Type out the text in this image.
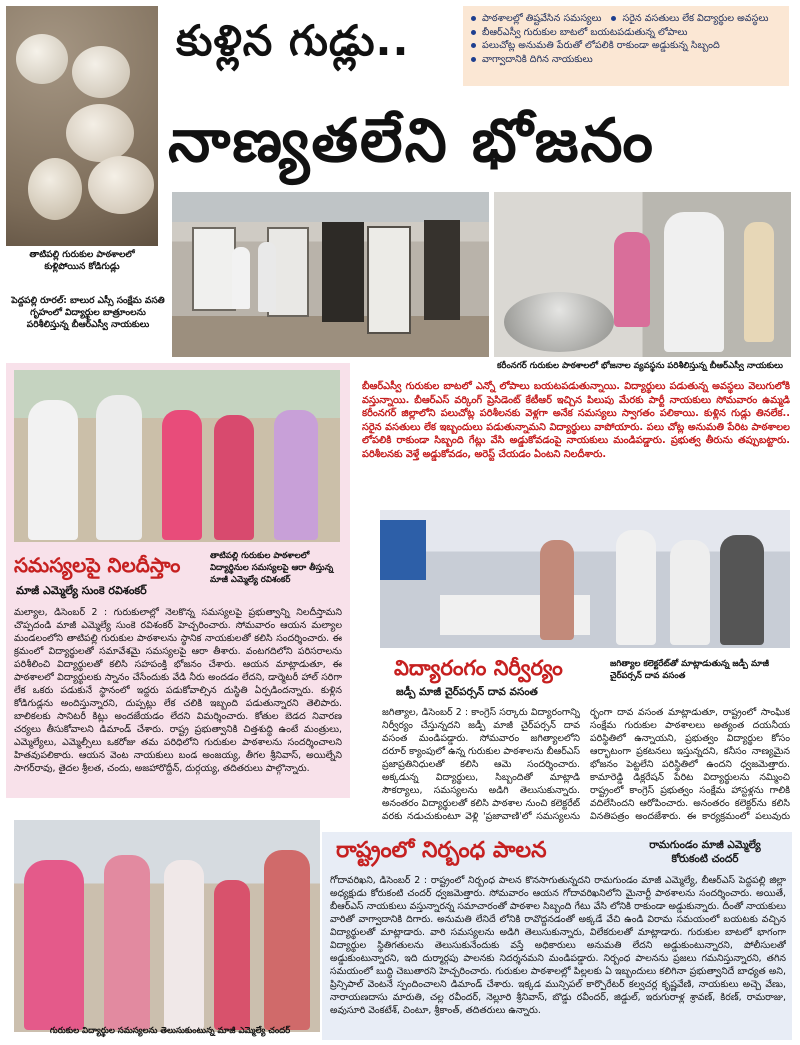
తాటిపల్లి గురుకుల పాఠశాలలో కుళ్లిపోయిన కోడిగుడ్లు
కుళ్లిన గుడ్లు..
నాణ్యతలేని భోజనం
పాఠశాలల్లో తిష్టవేసిన సమస్యలు సరైన వసతులు లేక విద్యార్థుల అవస్థలు
బీఆర్ఎస్వీ గురుకుల బాటలో బయటపడుతున్న లోపాలు
పలుచోట్ల అనుమతి పేరుతో లోపలికి రాకుండా అడ్డుకున్న సిబ్బంది
వాగ్వాదానికి దిగిన నాయకులు
పెద్దపల్లి రూరల్: బాలుర ఎస్సీ సంక్షేమ వసతి గృహంలో విద్యార్థుల బాత్రూంలను పరిశీలిస్తున్న బీఆర్ఎస్వీ నాయకులు
కరీంనగర్ గురుకుల పాఠశాలలో భోజనాల వ్యవస్థను పరిశీలిస్తున్న బీఆర్ఎస్వీ నాయకులు
సమస్యలపై నిలదీస్తాం
మాజీ ఎమ్మెల్యే సుంకె రవిశంకర్
తాటిపల్లి గురుకుల పాఠశాలలో విద్యార్థినుల సమస్యలపై ఆరా తీస్తున్న మాజీ ఎమ్మెల్యే రవిశంకర్
మల్యాల, డిసెంబర్ 2 : గురుకులాల్లో నెలకొన్న సమస్యలపై ప్రభుత్వాన్ని నిలదీస్తామని చొప్పదండి మాజీ ఎమ్మెల్యే సుంకె రవిశంకర్ హెచ్చరించారు. సోమవారం ఆయన మల్యాల మండలంలోని తాటిపల్లి గురుకుల పాఠశాలను స్థానిక నాయకులతో కలిసి సందర్శించారు. ఈ క్రమంలో విద్యార్థులతో సమావేశమై సమస్యలపై ఆరా తీశారు. వంటగదిలోని పరిసరాలను పరిశీలించి విద్యార్థులతో కలిసి సహపంక్తి భోజనం చేశారు. ఆయన మాట్లాడుతూ, ఈ పాఠశాలలో విద్యార్థులకు స్నానం చేసేందుకు వేడి నీరు అందడం లేదని, డార్మెటరీ హాల్ సరిగా లేక ఒకరు పడుకునే స్థానంలో ఇద్దరు పడుకోవాల్సిన దుస్థితి ఏర్పడిందన్నారు. కుళ్లిన కోడిగుడ్లను అందిస్తున్నారని, దుప్పట్లు లేక చలికి ఇబ్బంది పడుతున్నారని తెలిపారు. బాలికలకు సానిటరీ కిట్లు అందజేయడం లేదని విమర్శించారు. కోతుల బెడద నివారణ చర్యలు తీసుకోవాలని డిమాండ్ చేశారు. రాష్ట్ర ప్రభుత్వానికి చిత్తశుద్ధి ఉంటే మంత్రులు, ఎమ్మెల్యేలు, ఎమ్మెల్సీలు ఒకరోజు తమ పరిధిలోని గురుకుల పాఠశాలను సందర్శించాలని హితవుపలికారు. ఆయన వెంట నాయకులు బండ అంజయ్య, తీగల శ్రీనివాస్, అయిల్నేని సాగర్‌రావు, తైదల శ్రీలత, చందు, అజహారొద్దీన్, దుర్గయ్య, తదితరులు పాల్గొన్నారు.
బీఆర్ఎస్వీ గురుకుల బాటలో ఎన్నో లోపాలు బయటపడుతున్నాయి. విద్యార్థులు పడుతున్న అవస్థలు వెలుగులోకి వస్తున్నాయి. బీఆర్ఎస్ వర్కింగ్ ప్రెసిడెంట్ కేటీఆర్ ఇచ్చిన పిలుపు మేరకు పార్టీ నాయకులు సోమవారం ఉమ్మడి కరీంనగర్ జిల్లాలోని పలుచోట్ల పరిశీలనకు వెళ్లగా అనేక సమస్యలు స్వాగతం పలికాయి. కుళ్లిన గుడ్లు తినలేక.. సరైన వసతులు లేక ఇబ్బందులు పడుతున్నామని విద్యార్థులు వాపోయారు. పలు చోట్ల అనుమతి పేరిట పాఠశాలల లోపలికి రాకుండా సిబ్బంది గేట్లు వేసి అడ్డుకోవడంపై నాయకులు మండిపడ్డారు. ప్రభుత్వ తీరును తప్పుబట్టారు. పరిశీలనకు వెళ్తే అడ్డుకోవడం, అరెస్ట్ చేయడం ఏంటని నిలదీశారు.
విద్యారంగం నిర్వీర్యం
జడ్పీ మాజీ చైర్‌పర్సన్ దావ వసంత
జగిత్యాల కలెక్టరేట్‌తో మాట్లాడుతున్న జడ్పీ మాజీ చైర్‌పర్సన్ దావ వసంత
జగిత్యాల, డిసెంబర్ 2 : కాంగ్రెస్ సర్కారు విద్యారంగాన్ని నిర్వీర్యం చేస్తున్నదని జడ్పీ మాజీ చైర్‌పర్సన్ దావ వసంత మండిపడ్డారు. సోమవారం జగిత్యాలలోని దరూర్ క్యాంపులో ఉన్న గురుకుల పాఠశాలను బీఆర్ఎస్ ప్రజాప్రతినిధులతో కలిసి ఆమె సందర్శించారు. అక్కడున్న విద్యార్థులు, సిబ్బందితో మాట్లాడి సౌకర్యాలు, సమస్యలను అడిగి తెలుసుకున్నారు. అనంతరం విద్యార్థులతో కలిసి పాఠశాల నుంచి కలెక్టరేట్ వరకు నడుచుకుంటూ వెళ్లి 'ప్రజావాణి'లో సమస్యలను
ర్భంగా దావ వసంత మాట్లాడుతూ, రాష్ట్రంలో సాంఘిక సంక్షేమ గురుకుల పాఠశాలలు అత్యంత దయనీయ పరిస్థితిలో ఉన్నాయని, ప్రభుత్వం విద్యార్థుల కోసం ఆర్భాటంగా ప్రకటనలు ఇస్తున్నదని, కనీసం నాణ్యమైన భోజనం పెట్టలేని పరిస్థితిలో ఉందని ధ్వజమెత్తారు. కామారెడ్డి డిక్లరేషన్ పేరిట విద్యార్థులను నమ్మించి రాష్ట్రంలో కాంగ్రెస్ ప్రభుత్వం సంక్షేమ హాస్టళ్లను గాలికి వదిలేసిందని ఆరోపించారు. అనంతరం కలెక్టర్‌ను కలిసి వినతిపత్రం అందజేశారు. ఈ కార్యక్రమంలో పలువురు
గురుకుల విద్యార్థుల సమస్యలను తెలుసుకుంటున్న మాజీ ఎమ్మెల్యే చందర్
రాష్ట్రంలో నిర్బంధ పాలన	రామగుండం మాజీ ఎమ్మెల్యే కోరుకంటి చందర్
గోదావరిఖని, డిసెంబర్ 2 : రాష్ట్రంలో నిర్బంధ పాలన కొనసాగుతున్నదని రామగుండం మాజీ ఎమ్మెల్యే, బీఆర్ఎస్ పెద్దపల్లి జిల్లా అధ్యక్షుడు కోరుకంటి చందర్ ధ్వజమెత్తారు. సోమవారం ఆయన గోదావరిఖనిలోని మైనార్టీ పాఠశాలను సందర్శించారు. అయితే, బీఆర్ఎస్ నాయకులు వస్తున్నారన్న సమాచారంతో పాఠశాల సిబ్బంది గేటు వేసి లోనికి రాకుండా అడ్డుకున్నారు. దీంతో నాయకులు వారితో వాగ్వాదానికి దిగారు. అనుమతి లేనిదే లోనికి రావొద్దనడంతో అక్కడే వేచి ఉండి విరామ సమయంలో బయటకు వచ్చిన విద్యార్థులతో మాట్లాడారు. వారి సమస్యలను అడిగి తెలుసుకున్నారు, విలేకరులతో మాట్లాడారు. గురుకుల బాటలో భాగంగా విద్యార్థుల స్థితిగతులను తెలుసుకునేందుకు వస్తే అధికారులు అనుమతి లేదని అడ్డుకుంటున్నారని, పోలీసులతో అడ్డుకుంటున్నారని, ఇది దుర్మార్గపు పాలనకు నిదర్శనమని మండిపడ్డారు. నిర్బంధ పాలనను ప్రజలు గమనిస్తున్నారని, తగిన సమయంలో బుద్ధి చెబుతారని హెచ్చరించారు. గురుకుల పాఠశాలల్లో పిల్లలకు ఏ ఇబ్బందులు కలిగినా ప్రభుత్వానిదే బాధ్యత అని, ప్రిన్సిపాల్ వెంటనే స్పందించాలని డిమాండ్ చేశారు. ఇక్కడ మున్సిపల్ కార్పొరేటర్ కల్వచర్ల కృష్ణవేణి, నాయకులు అచ్చె వేణు, నారాయణదాసు మారుతి, చల్ల రవీందర్, నెల్లూరి శ్రీనివాస్, బొడ్డు రవీందర్, జిడ్డుల్, ఇరుగురాళ్ల శ్రావణ్, కిరణ్, రామరాజు, అవుసూరి వెంకటేశ్, చింటూ, శ్రీకాంత్, తదితరులు ఉన్నారు.
